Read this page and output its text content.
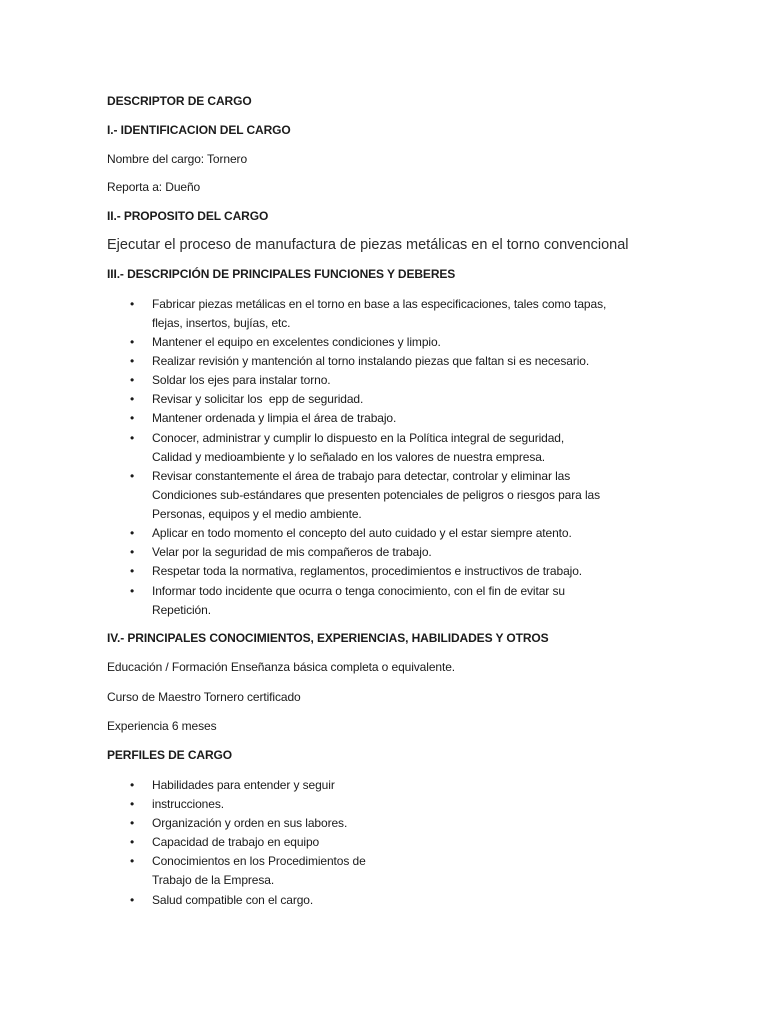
DESCRIPTOR DE CARGO
I.- IDENTIFICACION DEL CARGO
Nombre del cargo: Tornero
Reporta a: Dueño
II.- PROPOSITO DEL CARGO
Ejecutar el proceso de manufactura de piezas metálicas en el torno convencional
III.- DESCRIPCIÓN DE PRINCIPALES FUNCIONES Y DEBERES
•
Fabricar piezas metálicas en el torno en base a las especificaciones, tales como tapas,
flejas, insertos, bujías, etc.
•
Mantener el equipo en excelentes condiciones y limpio.
•
Realizar revisión y mantención al torno instalando piezas que faltan si es necesario.
•
Soldar los ejes para instalar torno.
•
Revisar y solicitar los  epp de seguridad.
•
Mantener ordenada y limpia el área de trabajo.
•
Conocer, administrar y cumplir lo dispuesto en la Política integral de seguridad,
Calidad y medioambiente y lo señalado en los valores de nuestra empresa.
•
Revisar constantemente el área de trabajo para detectar, controlar y eliminar las
Condiciones sub-estándares que presenten potenciales de peligros o riesgos para las
Personas, equipos y el medio ambiente.
•
Aplicar en todo momento el concepto del auto cuidado y el estar siempre atento.
•
Velar por la seguridad de mis compañeros de trabajo.
•
Respetar toda la normativa, reglamentos, procedimientos e instructivos de trabajo.
•
Informar todo incidente que ocurra o tenga conocimiento, con el fin de evitar su
Repetición.
IV.- PRINCIPALES CONOCIMIENTOS, EXPERIENCIAS, HABILIDADES Y OTROS
Educación / Formación Enseñanza básica completa o equivalente.
Curso de Maestro Tornero certificado
Experiencia 6 meses
PERFILES DE CARGO
•
Habilidades para entender y seguir
•
instrucciones.
•
Organización y orden en sus labores.
•
Capacidad de trabajo en equipo
•
Conocimientos en los Procedimientos de
Trabajo de la Empresa.
•
Salud compatible con el cargo.
